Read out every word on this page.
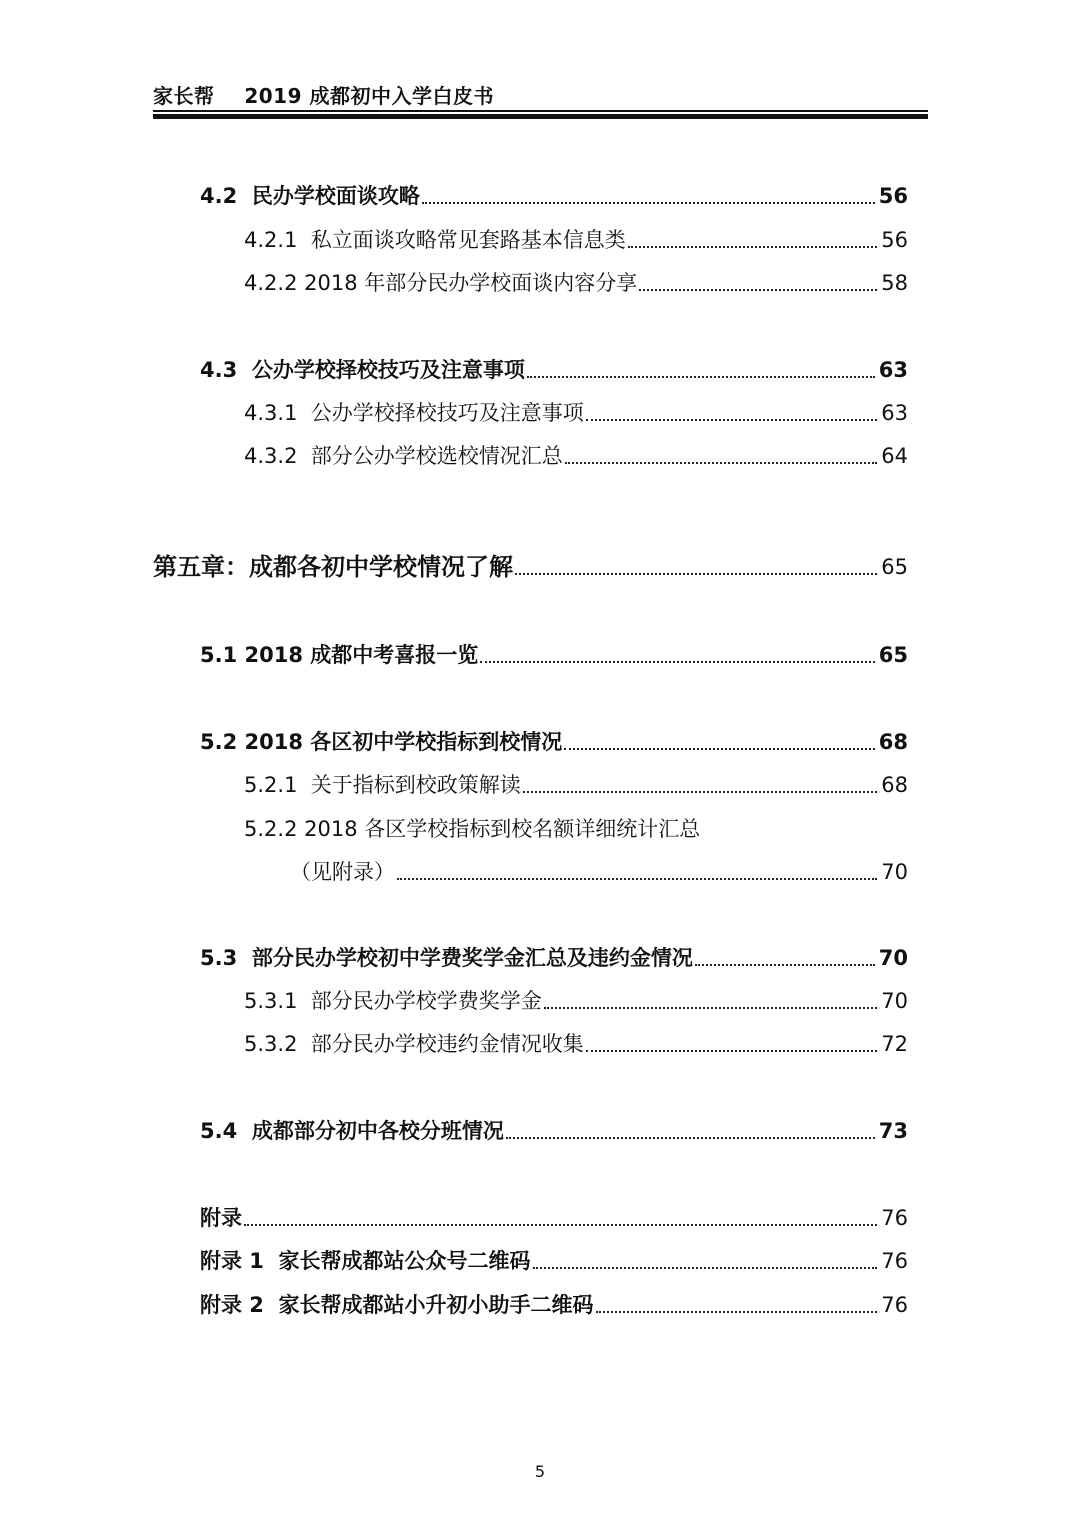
家长帮    2019 成都初中入学白皮书
4.2  民办学校面谈攻略	56
4.2.1  私立面谈攻略常见套路基本信息类	56
4.2.2 2018 年部分民办学校面谈内容分享	58
4.3  公办学校择校技巧及注意事项	63
4.3.1  公办学校择校技巧及注意事项	63
4.3.2  部分公办学校选校情况汇总	64
第五章：成都各初中学校情况了解	65
5.1 2018 成都中考喜报一览	65
5.2 2018 各区初中学校指标到校情况	68
5.2.1  关于指标到校政策解读	68
5.2.2 2018 各区学校指标到校名额详细统计汇总
（见附录）	70
5.3  部分民办学校初中学费奖学金汇总及违约金情况	70
5.3.1  部分民办学校学费奖学金	70
5.3.2  部分民办学校违约金情况收集	72
5.4  成都部分初中各校分班情况	73
附录	76
附录 1  家长帮成都站公众号二维码	76
附录 2  家长帮成都站小升初小助手二维码	76
5
